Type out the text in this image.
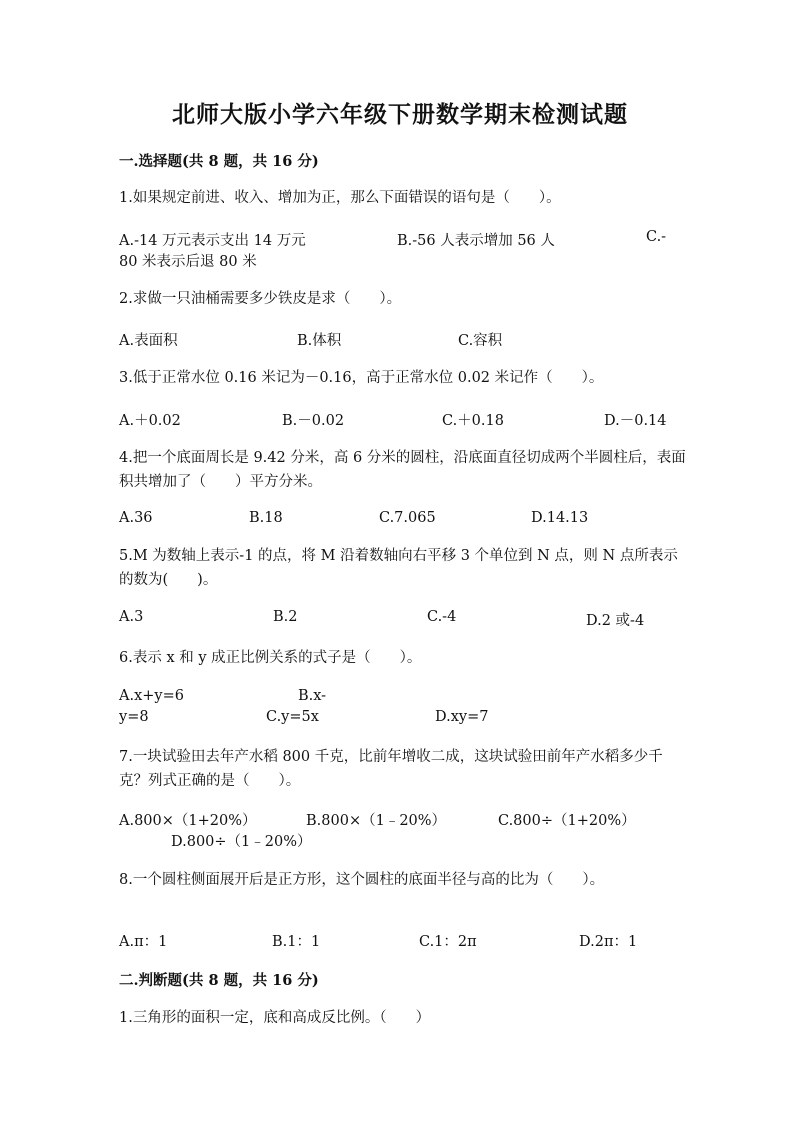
北师大版小学六年级下册数学期末检测试题
一.选择题(共 8 题，共 16 分)
1.如果规定前进、收入、增加为正，那么下面错误的语句是（　　）。
A.-14 万元表示支出 14 万元	B.-56 人表示增加 56 人	C.-
80 米表示后退 80 米
2.求做一只油桶需要多少铁皮是求（　　）。
A.表面积	B.体积	C.容积
3.低于正常水位 0.16 米记为－0.16，高于正常水位 0.02 米记作（　　）。
A.＋0.02	B.－0.02	C.＋0.18	D.－0.14
4.把一个底面周长是 9.42 分米，高 6 分米的圆柱，沿底面直径切成两个半圆柱后，表面积共增加了（　　）平方分米。
A.36	B.18	C.7.065	D.14.13
5.M 为数轴上表示-1 的点，将 M 沿着数轴向右平移 3 个单位到 N 点，则 N 点所表示的数为(　　)。
A.3	B.2	C.-4	D.2 或-4
6.表示 x 和 y 成正比例关系的式子是（　　）。
A.x+y=6	B.x-
y=8	C.y=5x	D.xy=7
7.一块试验田去年产水稻 800 千克，比前年增收二成，这块试验田前年产水稻多少千克？列式正确的是（　　）。
A.800×（1+20%）	B.800×（1﹣20%）	C.800÷（1+20%）
D.800÷（1﹣20%）
8.一个圆柱侧面展开后是正方形，这个圆柱的底面半径与高的比为（　　）。
A.π：1	B.1：1	C.1：2π	D.2π：1
二.判断题(共 8 题，共 16 分)
1.三角形的面积一定，底和高成反比例。（　　）
